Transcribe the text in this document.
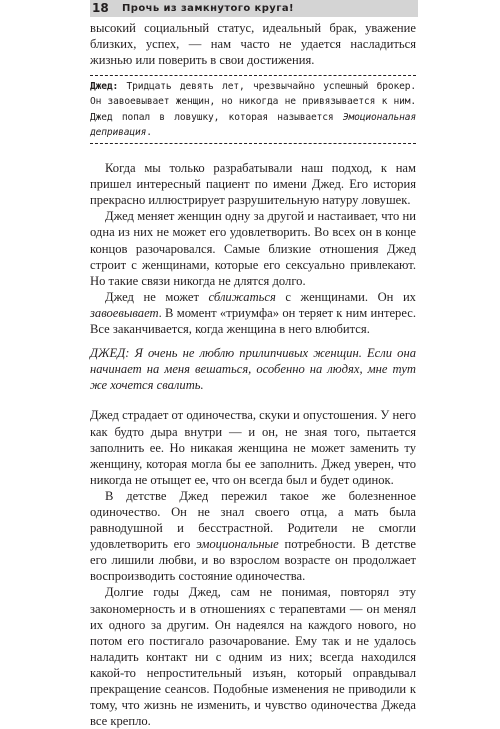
18 Прочь из замкнутого круга!

высокий социальный статус, идеальный брак, уважение близких, успех, — нам часто не удается насладиться жизнью или поверить в свои достижения.

Джед: Тридцать девять лет, чрезвычайно успешный брокер. Он завоевывает женщин, но никогда не привязывается к ним. Джед попал в ловушку, которая называется Эмоциональная депривация.

Когда мы только разрабатывали наш подход, к нам пришел интересный пациент по имени Джед. Его история прекрасно иллюстрирует разрушительную натуру ловушек.

Джед меняет женщин одну за другой и настаивает, что ни одна из них не может его удовлетворить. Во всех он в конце концов разочаровался. Самые близкие отношения Джед строит с женщинами, которые его сексуально привлекают. Но такие связи никогда не длятся долго.

Джед не может сближаться с женщинами. Он их завоевывает. В момент «триумфа» он теряет к ним интерес. Все заканчивается, когда женщина в него влюбится.

ДЖЕД: Я очень не люблю прилипчивых женщин. Если она начинает на меня вешаться, особенно на людях, мне тут же хочется свалить.

Джед страдает от одиночества, скуки и опустошения. У него как будто дыра внутри — и он, не зная того, пытается заполнить ее. Но никакая женщина не может заменить ту женщину, которая могла бы ее заполнить. Джед уверен, что никогда не отыщет ее, что он всегда был и будет одинок.

В детстве Джед пережил такое же болезненное одиночество. Он не знал своего отца, а мать была равнодушной и бесстрастной. Родители не смогли удовлетворить его эмоциональные потребности. В детстве его лишили любви, и во взрослом возрасте он продолжает воспроизводить состояние одиночества.

Долгие годы Джед, сам не понимая, повторял эту закономерность и в отношениях с терапевтами — он менял их одного за другим. Он надеялся на каждого нового, но потом его постигало разочарование. Ему так и не удалось наладить контакт ни с одним из них; всегда находился какой-то непростительный изъян, который оправдывал прекращение сеансов. Подобные изменения не приводили к тому, что жизнь не изменить, и чувство одиночества Джеда все крепло.
